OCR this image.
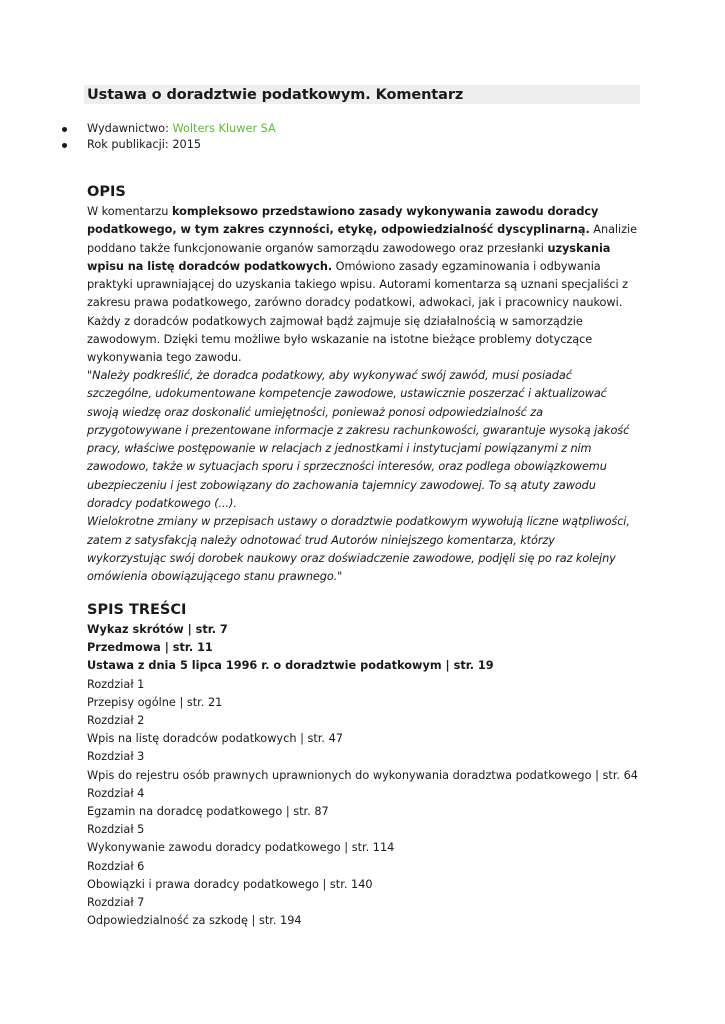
Ustawa o doradztwie podatkowym. Komentarz
Wydawnictwo: Wolters Kluwer SA
Rok publikacji: 2015
OPIS

W komentarzu kompleksowo przedstawiono zasady wykonywania zawodu doradcy podatkowego, w tym zakres czynności, etykę, odpowiedzialność dyscyplinarną. Analizie poddano także funkcjonowanie organów samorządu zawodowego oraz przesłanki uzyskania wpisu na listę doradców podatkowych. Omówiono zasady egzaminowania i odbywania praktyki uprawniającej do uzyskania takiego wpisu. Autorami komentarza są uznani specjaliści z zakresu prawa podatkowego, zarówno doradcy podatkowi, adwokaci, jak i pracownicy naukowi. Każdy z doradców podatkowych zajmował bądź zajmuje się działalnością w samorządzie zawodowym. Dzięki temu możliwe było wskazanie na istotne bieżące problemy dotyczące wykonywania tego zawodu.

"Należy podkreślić, że doradca podatkowy, aby wykonywać swój zawód, musi posiadać szczególne, udokumentowane kompetencje zawodowe, ustawicznie poszerzać i aktualizować swoją wiedzę oraz doskonalić umiejętności, ponieważ ponosi odpowiedzialność za przygotowywane i prezentowane informacje z zakresu rachunkowości, gwarantuje wysoką jakość pracy, właściwe postępowanie w relacjach z jednostkami i instytucjami powiązanymi z nim zawodowo, także w sytuacjach sporu i sprzeczności interesów, oraz podlega obowiązkowemu ubezpieczeniu i jest zobowiązany do zachowania tajemnicy zawodowej. To są atuty zawodu doradcy podatkowego (...).
Wielokrotne zmiany w przepisach ustawy o doradztwie podatkowym wywołują liczne wątpliwości, zatem z satysfakcją należy odnotować trud Autorów niniejszego komentarza, którzy wykorzystując swój dorobek naukowy oraz doświadczenie zawodowe, podjęli się po raz kolejny omówienia obowiązującego stanu prawnego."

SPIS TREŚCI
Wykaz skrótów | str. 7
Przedmowa | str. 11
Ustawa z dnia 5 lipca 1996 r. o doradztwie podatkowym | str. 19
Rozdział 1
Przepisy ogólne | str. 21
Rozdział 2
Wpis na listę doradców podatkowych | str. 47
Rozdział 3
Wpis do rejestru osób prawnych uprawnionych do wykonywania doradztwa podatkowego | str. 64
Rozdział 4
Egzamin na doradcę podatkowego | str. 87
Rozdział 5
Wykonywanie zawodu doradcy podatkowego | str. 114
Rozdział 6
Obowiązki i prawa doradcy podatkowego | str. 140
Rozdział 7
Odpowiedzialność za szkodę | str. 194
